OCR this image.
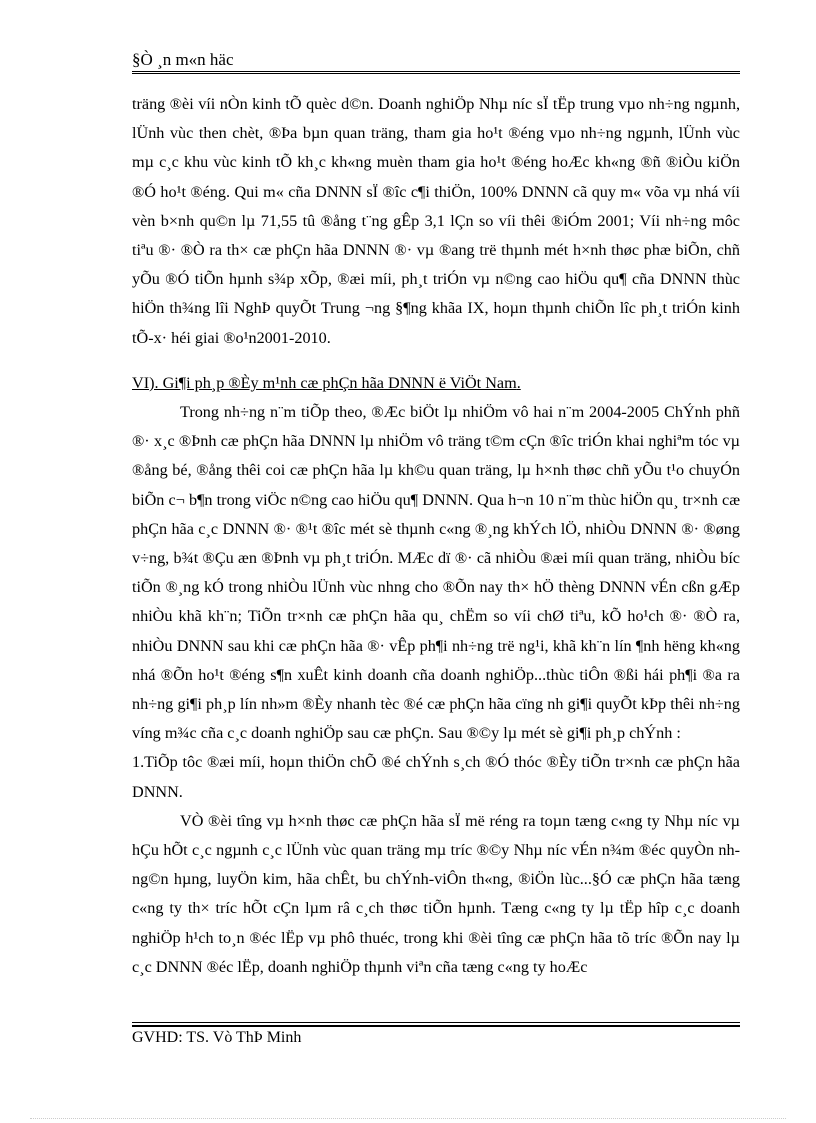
§Ò ¸n m«n häc

träng ®èi víi nÒn kinh tÕ quèc d©n. Doanh nghiÖp Nhµ níc sÏ tËp trung vµo nh÷ng ngµnh, lÜnh vùc then chèt, ®Þa bµn quan träng, tham gia ho¹t ®éng vµo nh÷ng ngµnh, lÜnh vùc mµ c¸c khu vùc kinh tÕ kh¸c kh«ng muèn tham gia ho¹t ®éng hoÆc kh«ng ®ñ ®iÒu kiÖn ®Ó ho¹t ®éng. Qui m« cña DNNN sÏ ®îc c¶i thiÖn, 100% DNNN cã quy m« võa vµ nhá víi vèn b×nh qu©n lµ 71,55 tû ®ång t¨ng gÊp 3,1 lÇn so víi thêi ®iÓm 2001; Víi nh÷ng môc tiªu ®· ®Ò ra th× cæ phÇn hãa DNNN ®· vµ ®ang trë thµnh mét h×nh thøc phæ biÕn, chñ yÕu ®Ó tiÕn hµnh s¾p xÕp, ®æi míi, ph¸t triÓn vµ n©ng cao hiÖu qu¶ cña DNNN thùc hiÖn th¾ng lîi NghÞ quyÕt Trung ¬ng §¶ng khãa IX, hoµn thµnh chiÕn lîc ph¸t triÓn kinh tÕ-x· héi giai ®o¹n2001-2010.

VI). Gi¶i ph¸p ®Èy m¹nh cæ phÇn hãa DNNN ë ViÖt Nam.

Trong nh÷ng n¨m tiÕp theo, ®Æc biÖt lµ nhiÖm vô hai n¨m 2004-2005 ChÝnh phñ ®· x¸c ®Þnh cæ phÇn hãa DNNN lµ nhiÖm vô träng t©m cÇn ®îc triÓn khai nghiªm tóc vµ ®ång bé, ®ång thêi coi cæ phÇn hãa lµ kh©u quan träng, lµ h×nh thøc chñ yÕu t¹o chuyÓn biÕn c¬ b¶n trong viÖc n©ng cao hiÖu qu¶ DNNN. Qua h¬n 10 n¨m thùc hiÖn qu¸ tr×nh cæ phÇn hãa c¸c DNNN ®· ®¹t ®îc mét sè thµnh c«ng ®¸ng khÝch lÖ, nhiÒu DNNN ®· ®øng v÷ng, b¾t ®Çu æn ®Þnh vµ ph¸t triÓn. MÆc dï ®· cã nhiÒu ®æi míi quan träng, nhiÒu bíc tiÕn ®¸ng kÓ trong nhiÒu lÜnh vùc nhng cho ®Õn nay th× hÖ thèng DNNN vÉn cßn gÆp nhiÒu khã kh¨n; TiÕn tr×nh cæ phÇn hãa qu¸ chËm so víi chØ tiªu, kÕ ho¹ch ®· ®Ò ra, nhiÒu DNNN sau khi cæ phÇn hãa ®· vÊp ph¶i nh÷ng trë ng¹i, khã kh¨n lín ¶nh hëng kh«ng nhá ®Õn ho¹t ®éng s¶n xuÊt kinh doanh cña doanh nghiÖp...thùc tiÔn ®ßi hái ph¶i ®a ra nh÷ng gi¶i ph¸p lín nh»m ®Èy nhanh tèc ®é cæ phÇn hãa cïng nh gi¶i quyÕt kÞp thêi nh÷ng víng m¾c cña c¸c doanh nghiÖp sau cæ phÇn. Sau ®©y lµ mét sè gi¶i ph¸p chÝnh :

1.TiÕp tôc ®æi míi, hoµn thiÖn chÕ ®é chÝnh s¸ch ®Ó thóc ®Èy tiÕn tr×nh cæ phÇn hãa DNNN.

VÒ ®èi tîng vµ h×nh thøc cæ phÇn hãa sÏ më réng ra toµn tæng c«ng ty Nhµ níc vµ hÇu hÕt c¸c ngµnh c¸c lÜnh vùc quan träng mµ tríc ®©y Nhµ níc vÉn n¾m ®éc quyÒn nh ng©n hµng, luyÖn kim, hãa chÊt, bu chÝnh-viÔn th«ng, ®iÖn lùc...§Ó cæ phÇn hãa tæng c«ng ty th× tríc hÕt cÇn lµm râ c¸ch thøc tiÕn hµnh. Tæng c«ng ty lµ tËp hîp c¸c doanh nghiÖp h¹ch to¸n ®éc lËp vµ phô thuéc, trong khi ®èi tîng cæ phÇn hãa tõ tríc ®Õn nay lµ c¸c DNNN ®éc lËp, doanh nghiÖp thµnh viªn cña tæng c«ng ty hoÆc

GVHD: TS. Vò ThÞ Minh
